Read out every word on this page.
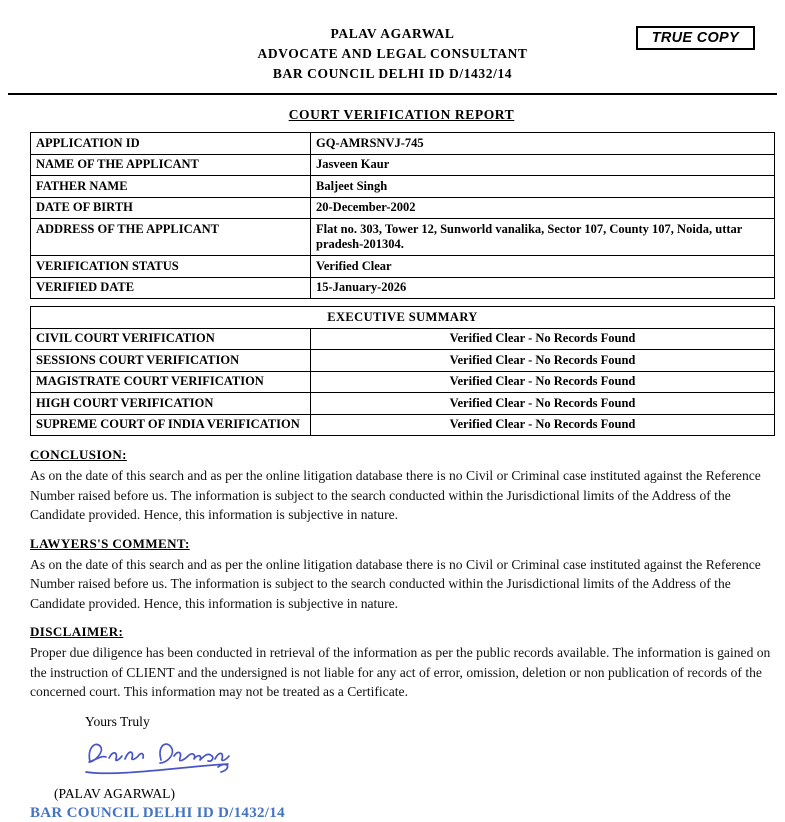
PALAV AGARWAL
ADVOCATE AND LEGAL CONSULTANT
BAR COUNCIL DELHI ID D/1432/14
TRUE COPY
COURT VERIFICATION REPORT
APPLICATION ID	GQ-AMRSNVJ-745
NAME OF THE APPLICANT	Jasveen Kaur
FATHER NAME	Baljeet Singh
DATE OF BIRTH	20-December-2002
ADDRESS OF THE APPLICANT	Flat no. 303, Tower 12, Sunworld vanalika, Sector 107, County 107, Noida, uttar pradesh-201304.
VERIFICATION STATUS	Verified Clear
VERIFIED DATE	15-January-2026
EXECUTIVE SUMMARY	
CIVIL COURT VERIFICATION	Verified Clear - No Records Found
SESSIONS COURT VERIFICATION	Verified Clear - No Records Found
MAGISTRATE COURT VERIFICATION	Verified Clear - No Records Found
HIGH COURT VERIFICATION	Verified Clear - No Records Found
SUPREME COURT OF INDIA VERIFICATION	Verified Clear - No Records Found
CONCLUSION:

As on the date of this search and as per the online litigation database there is no Civil or Criminal case instituted against the Reference Number raised before us. The information is subject to the search conducted within the Jurisdictional limits of the Address of the Candidate provided. Hence, this information is subjective in nature.

LAWYERS'S COMMENT:

As on the date of this search and as per the online litigation database there is no Civil or Criminal case instituted against the Reference Number raised before us. The information is subject to the search conducted within the Jurisdictional limits of the Address of the Candidate provided. Hence, this information is subjective in nature.

DISCLAIMER:

Proper due diligence has been conducted in retrieval of the information as per the public records available. The information is gained on the instruction of CLIENT and the undersigned is not liable for any act of error, omission, deletion or non publication of records of the concerned court. This information may not be treated as a Certificate.

Yours Truly
(PALAV AGARWAL)
BAR COUNCIL DELHI ID D/1432/14
